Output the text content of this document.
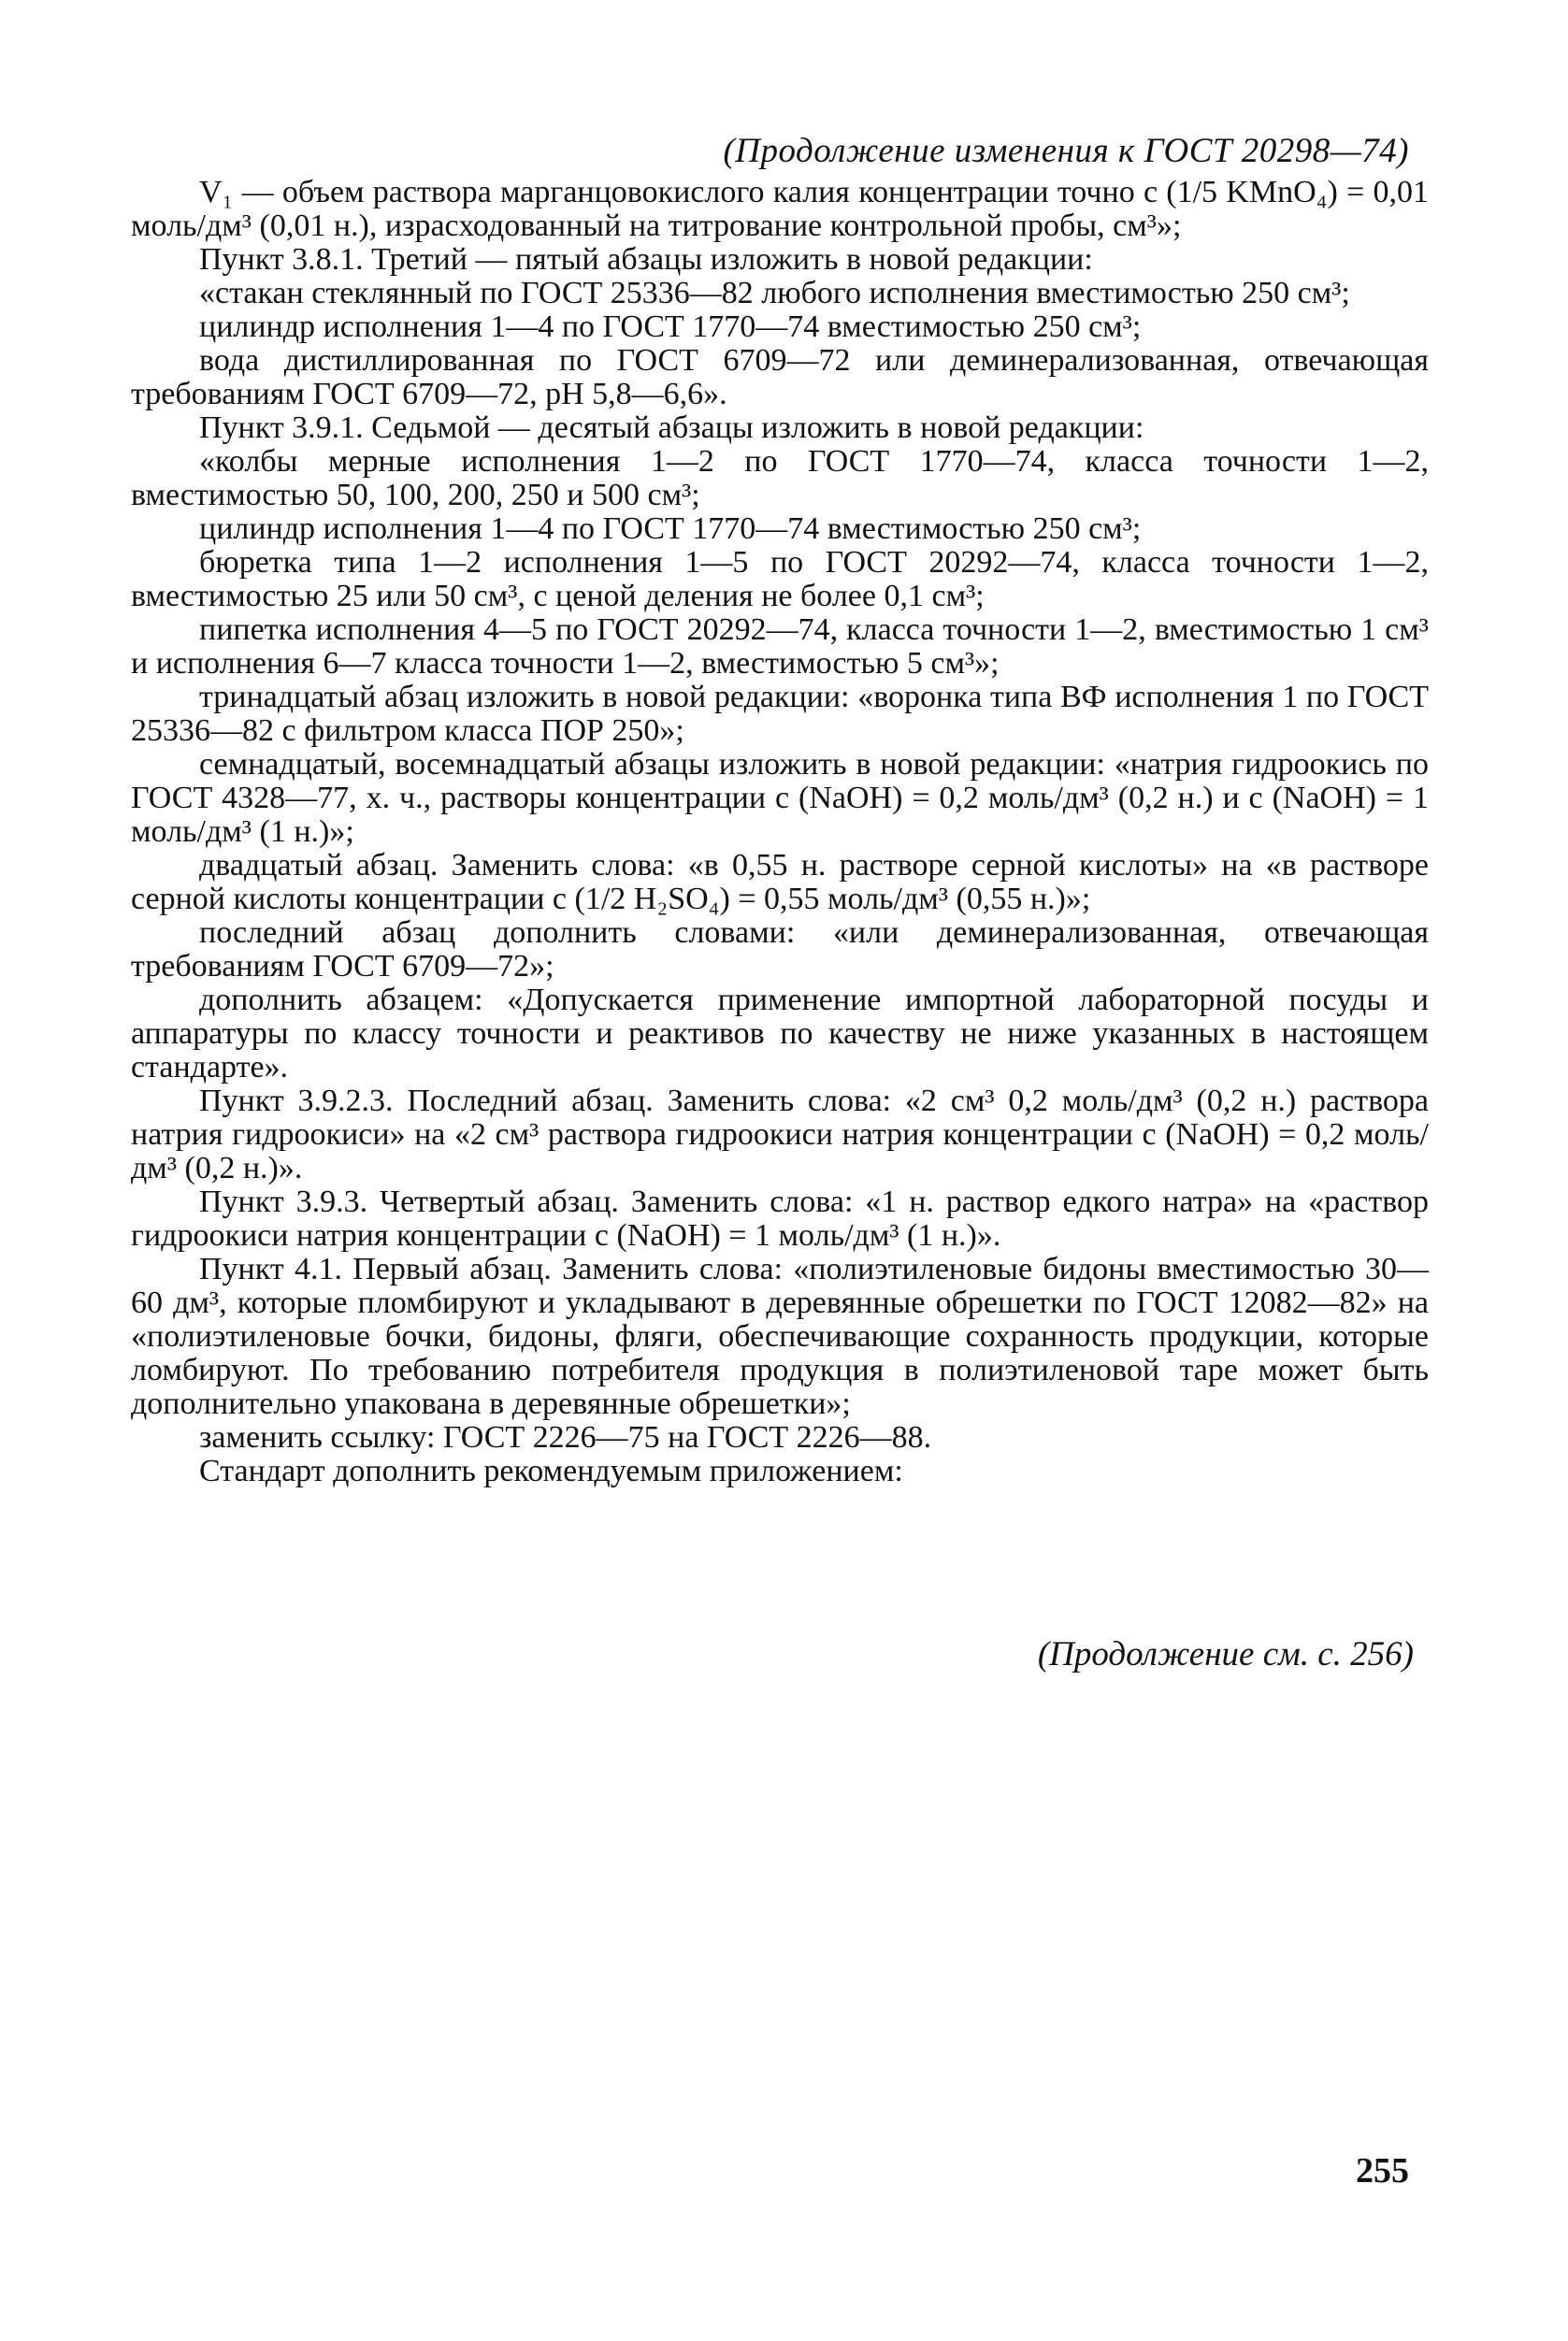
(Продолжение изменения к ГОСТ 20298—74)

V₁ — объем раствора марганцовокислого калия концентрации точно c (1/5 KMnO₄) = 0,01 моль/дм³ (0,01 н.), израсходованный на титрование контрольной пробы, см³»;

Пункт 3.8.1. Третий — пятый абзацы изложить в новой редакции:

«стакан стеклянный по ГОСТ 25336—82 любого исполнения вместимостью 250 см³;

цилиндр исполнения 1—4 по ГОСТ 1770—74 вместимостью 250 см³;

вода дистиллированная по ГОСТ 6709—72 или деминерализованная, отвечающая требованиям ГОСТ 6709—72, pH 5,8—6,6».

Пункт 3.9.1. Седьмой — десятый абзацы изложить в новой редакции:

«колбы мерные исполнения 1—2 по ГОСТ 1770—74, класса точности 1—2, вместимостью 50, 100, 200, 250 и 500 см³;

цилиндр исполнения 1—4 по ГОСТ 1770—74 вместимостью 250 см³;

бюретка типа 1—2 исполнения 1—5 по ГОСТ 20292—74, класса точности 1—2, вместимостью 25 или 50 см³, с ценой деления не более 0,1 см³;

пипетка исполнения 4—5 по ГОСТ 20292—74, класса точности 1—2, вместимостью 1 см³ и исполнения 6—7 класса точности 1—2, вместимостью 5 см³»;

тринадцатый абзац изложить в новой редакции: «воронка типа ВФ исполнения 1 по ГОСТ 25336—82 с фильтром класса ПОР 250»;

семнадцатый, восемнадцатый абзацы изложить в новой редакции: «натрия гидроокись по ГОСТ 4328—77, х. ч., растворы концентрации c (NaOH) = 0,2 моль/дм³ (0,2 н.) и c (NaOH) = 1 моль/дм³ (1 н.)»;

двадцатый абзац. Заменить слова: «в 0,55 н. растворе серной кислоты» на «в растворе серной кислоты концентрации c (1/2 H₂SO₄) = 0,55 моль/дм³ (0,55 н.)»;

последний абзац дополнить словами: «или деминерализованная, отвечающая требованиям ГОСТ 6709—72»;

дополнить абзацем: «Допускается применение импортной лабораторной посуды и аппаратуры по классу точности и реактивов по качеству не ниже указанных в настоящем стандарте».

Пункт 3.9.2.3. Последний абзац. Заменить слова: «2 см³ 0,2 моль/дм³ (0,2 н.) раствора натрия гидроокиси» на «2 см³ раствора гидроокиси натрия концентрации c (NaOH) = 0,2 моль/дм³ (0,2 н.)».

Пункт 3.9.3. Четвертый абзац. Заменить слова: «1 н. раствор едкого натра» на «раствор гидроокиси натрия концентрации c (NaOH) = 1 моль/дм³ (1 н.)».

Пункт 4.1. Первый абзац. Заменить слова: «полиэтиленовые бидоны вместимостью 30—60 дм³, которые пломбируют и укладывают в деревянные обрешетки по ГОСТ 12082—82» на «полиэтиленовые бочки, бидоны, фляги, обеспечивающие сохранность продукции, которые ломбируют. По требованию потребителя продукция в полиэтиленовой таре может быть дополнительно упакована в деревянные обрешетки»;

заменить ссылку: ГОСТ 2226—75 на ГОСТ 2226—88.

Стандарт дополнить рекомендуемым приложением:

(Продолжение см. с. 256)
255
